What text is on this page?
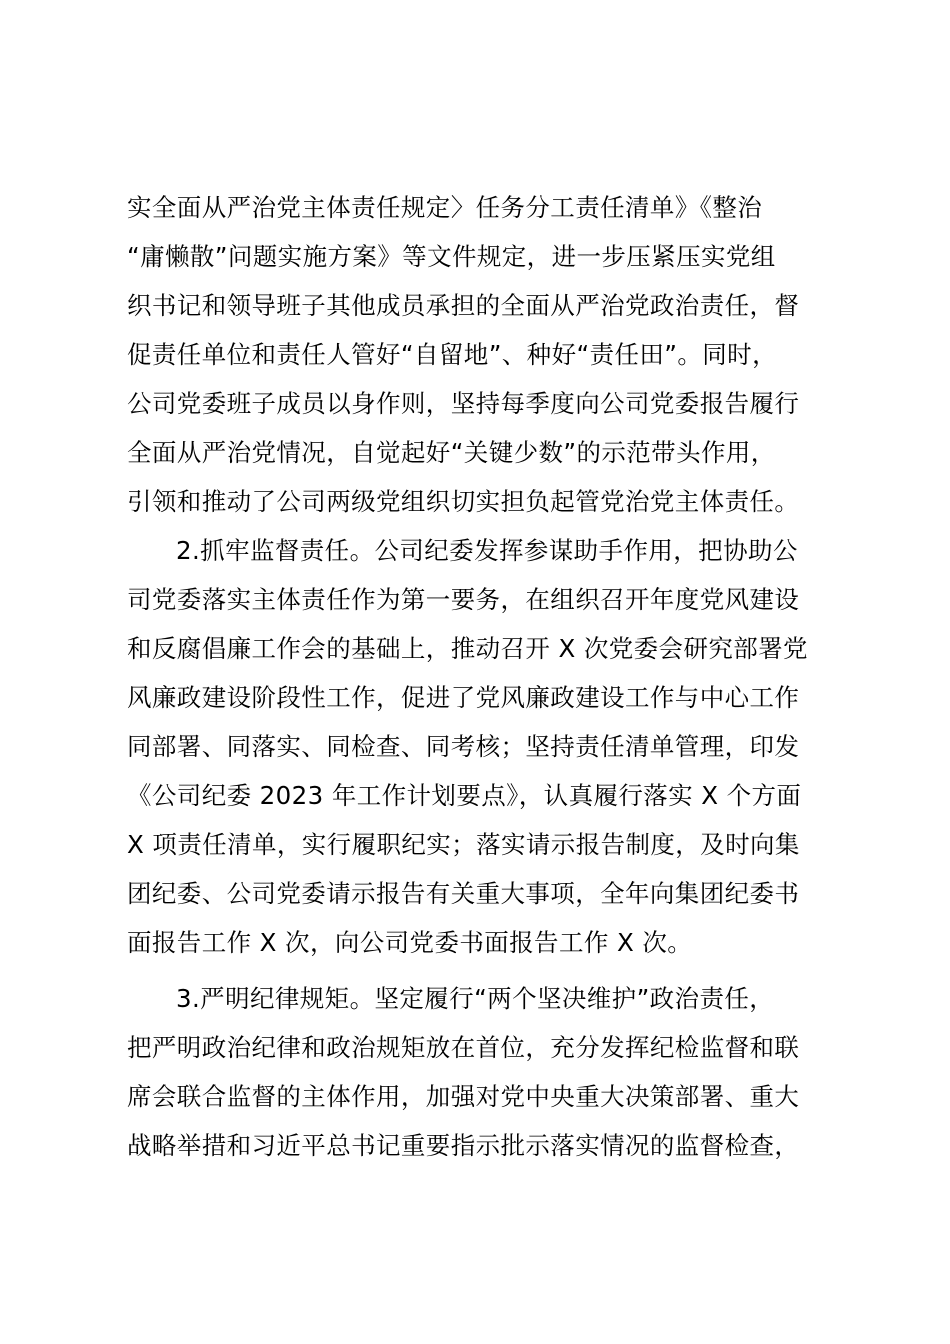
实全面从严治党主体责任规定〉任务分工责任清单》《整治
“庸懒散”问题实施方案》等文件规定，进一步压紧压实党组
织书记和领导班子其他成员承担的全面从严治党政治责任，督
促责任单位和责任人管好“自留地”、种好“责任田”。同时，
公司党委班子成员以身作则，坚持每季度向公司党委报告履行
全面从严治党情况，自觉起好“关键少数”的示范带头作用，
引领和推动了公司两级党组织切实担负起管党治党主体责任。
2.抓牢监督责任。公司纪委发挥参谋助手作用，把协助公
司党委落实主体责任作为第一要务，在组织召开年度党风建设
和反腐倡廉工作会的基础上，推动召开 X 次党委会研究部署党
风廉政建设阶段性工作，促进了党风廉政建设工作与中心工作
同部署、同落实、同检查、同考核；坚持责任清单管理，印发
《公司纪委 2023 年工作计划要点》，认真履行落实 X 个方面
X 项责任清单，实行履职纪实；落实请示报告制度，及时向集
团纪委、公司党委请示报告有关重大事项，全年向集团纪委书
面报告工作 X 次，向公司党委书面报告工作 X 次。
3.严明纪律规矩。坚定履行“两个坚决维护”政治责任，
把严明政治纪律和政治规矩放在首位，充分发挥纪检监督和联
席会联合监督的主体作用，加强对党中央重大决策部署、重大
战略举措和习近平总书记重要指示批示落实情况的监督检查，
